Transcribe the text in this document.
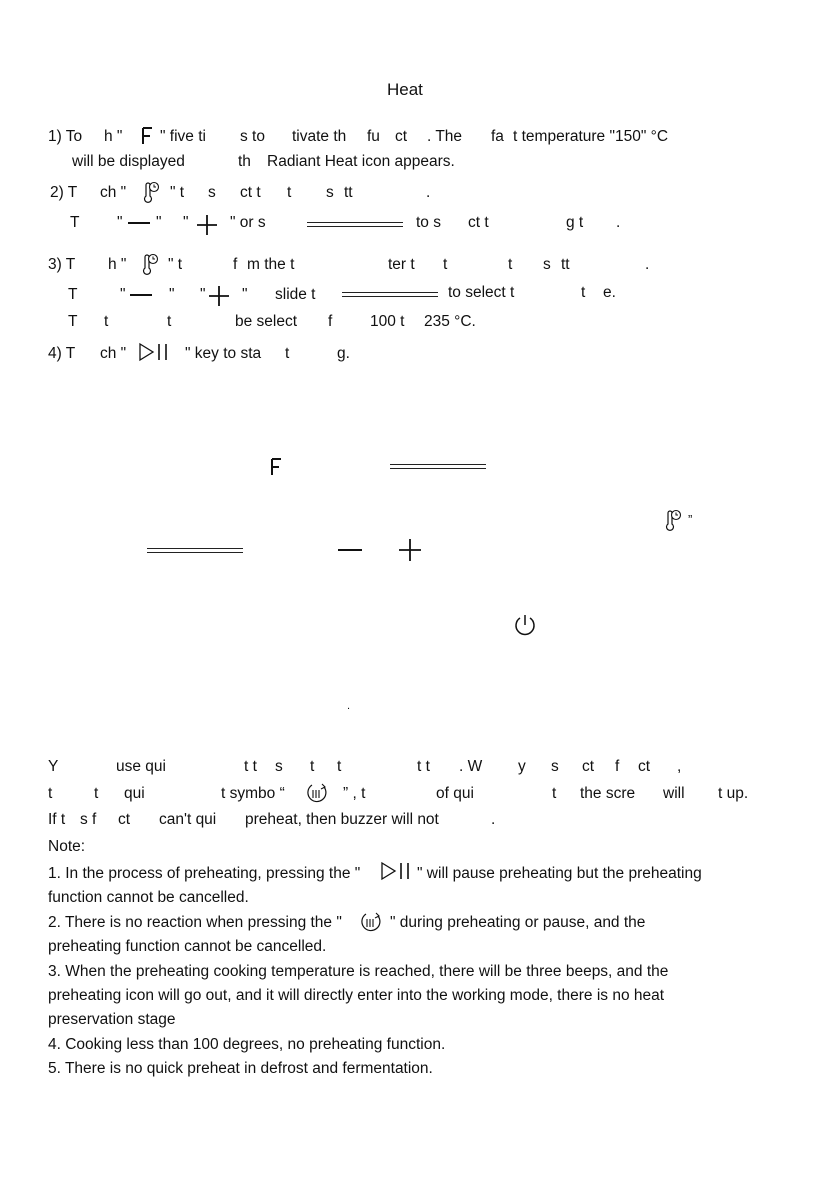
Heat
1) To h " " five ti s to tivate th fu ct . The fa t temperature "150" °C
will be displayed	th Radiant Heat icon appears.
2) T ch "	" t s ct t t s tt	.
T " " "	" or s	to s ct t	g t .
3) T h "	" t	f m the t	ter t t	t s tt	.
T	"	" " " slide t	to select t	t e.
T t	t	be select f 100 t 235 °C.
4) T ch "	" key to sta t	g.
”
.
Y	use qui	t t s t t	t t . W y s ct f ct ,
t	t qui	t symbo “	” , t	of qui	t the scre will t up.
If t s f ct can't qui preheat, then buzzer will not	.
Note:
1. In the process of preheating, pressing the "	" will pause preheating but the preheating
function cannot be cancelled.
2. There is no reaction when pressing the "	" during preheating or pause, and the
preheating function cannot be cancelled.
3. When the preheating cooking temperature is reached, there will be three beeps, and the
preheating icon will go out, and it will directly enter into the working mode, there is no heat
preservation stage
4. Cooking less than 100 degrees, no preheating function.
5. There is no quick preheat in defrost and fermentation.
